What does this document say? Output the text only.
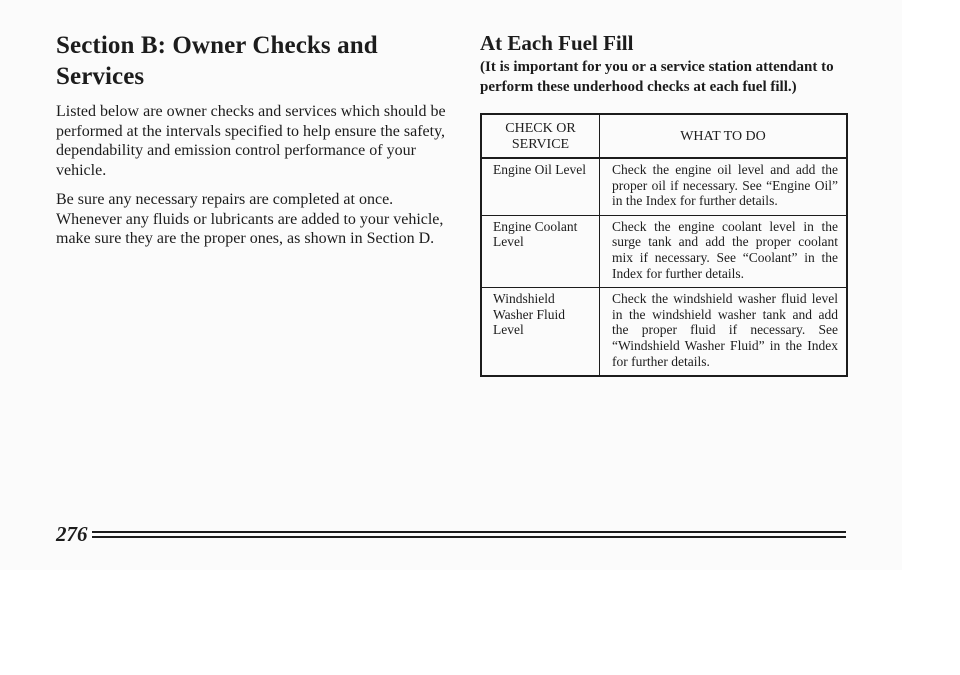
Section B: Owner Checks and Services

Listed below are owner checks and services which should be performed at the intervals specified to help ensure the safety, dependability and emission control performance of your vehicle.

Be sure any necessary repairs are completed at once. Whenever any fluids or lubricants are added to your vehicle, make sure they are the proper ones, as shown in Section D.

At Each Fuel Fill

(It is important for you or a service station attendant to perform these underhood checks at each fuel fill.)

CHECK OR SERVICE	WHAT TO DO
Engine Oil Level	Check the engine oil level and add the proper oil if necessary. See “Engine Oil” in the Index for further details.
Engine Coolant Level	Check the engine coolant level in the surge tank and add the proper coolant mix if necessary. See “Coolant” in the Index for further details.
Windshield Washer Fluid Level	Check the windshield washer fluid level in the windshield washer tank and add the proper fluid if necessary. See “Windshield Washer Fluid” in the Index for further details.
276
